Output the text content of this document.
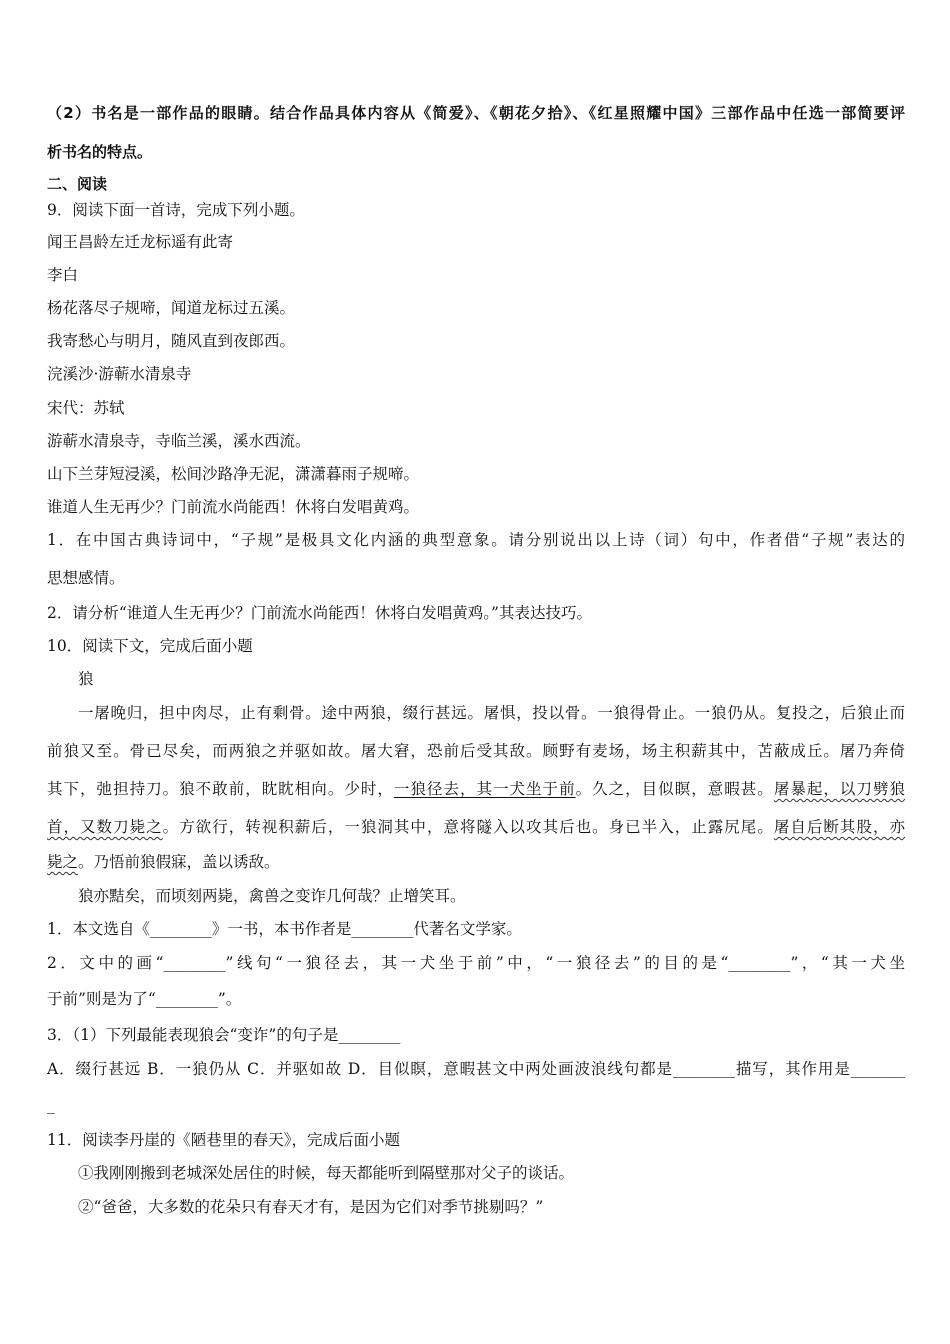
（2）书名是一部作品的眼睛。结合作品具体内容从《简爱》、《朝花夕拾》、《红星照耀中国》三部作品中任选一部简要评
析书名的特点。
二、阅读
9．阅读下面一首诗，完成下列小题。
闻王昌龄左迁龙标遥有此寄
李白
杨花落尽子规啼，闻道龙标过五溪。
我寄愁心与明月，随风直到夜郎西。
浣溪沙·游蕲水清泉寺
宋代：苏轼
游蕲水清泉寺，寺临兰溪，溪水西流。
山下兰芽短浸溪，松间沙路净无泥，潇潇暮雨子规啼。
谁道人生无再少？门前流水尚能西！休将白发唱黄鸡。
1．在中国古典诗词中，“子规”是极具文化内涵的典型意象。请分别说出以上诗（词）句中，作者借“子规”表达的
思想感情。
2．请分析“谁道人生无再少？门前流水尚能西！休将白发唱黄鸡。”其表达技巧。
10．阅读下文，完成后面小题
狼
一屠晚归，担中肉尽，止有剩骨。途中两狼，缀行甚远。屠惧，投以骨。一狼得骨止。一狼仍从。复投之，后狼止而
前狼又至。骨已尽矣，而两狼之并驱如故。屠大窘，恐前后受其敌。顾野有麦场，场主积薪其中，苫蔽成丘。屠乃奔倚
其下，弛担持刀。狼不敢前，眈眈相向。少时，一狼径去，其一犬坐于前。久之，目似瞑，意暇甚。屠暴起，以刀劈狼
首，又数刀毙之。方欲行，转视积薪后，一狼洞其中，意将隧入以攻其后也。身已半入，止露尻尾。屠自后断其股，亦
毙之。乃悟前狼假寐，盖以诱敌。
狼亦黠矣，而顷刻两毙，禽兽之变诈几何哉？止增笑耳。
1．本文选自《________》一书，本书作者是________代著名文学家。
2．文中的画“________”线句“一狼径去，其一犬坐于前”中，“一狼径去”的目的是“________”，“其一犬坐
于前”则是为了“________”。
3．（1）下列最能表现狼会“变诈”的句子是________
A．缀行甚远 B．一狼仍从 C．并驱如故 D．目似瞑，意暇甚文中两处画波浪线句都是________描写，其作用是_______
_
11．阅读李丹崖的《陋巷里的春天》，完成后面小题
①我刚刚搬到老城深处居住的时候，每天都能听到隔壁那对父子的谈话。
②“爸爸，大多数的花朵只有春天才有，是因为它们对季节挑剔吗？”
